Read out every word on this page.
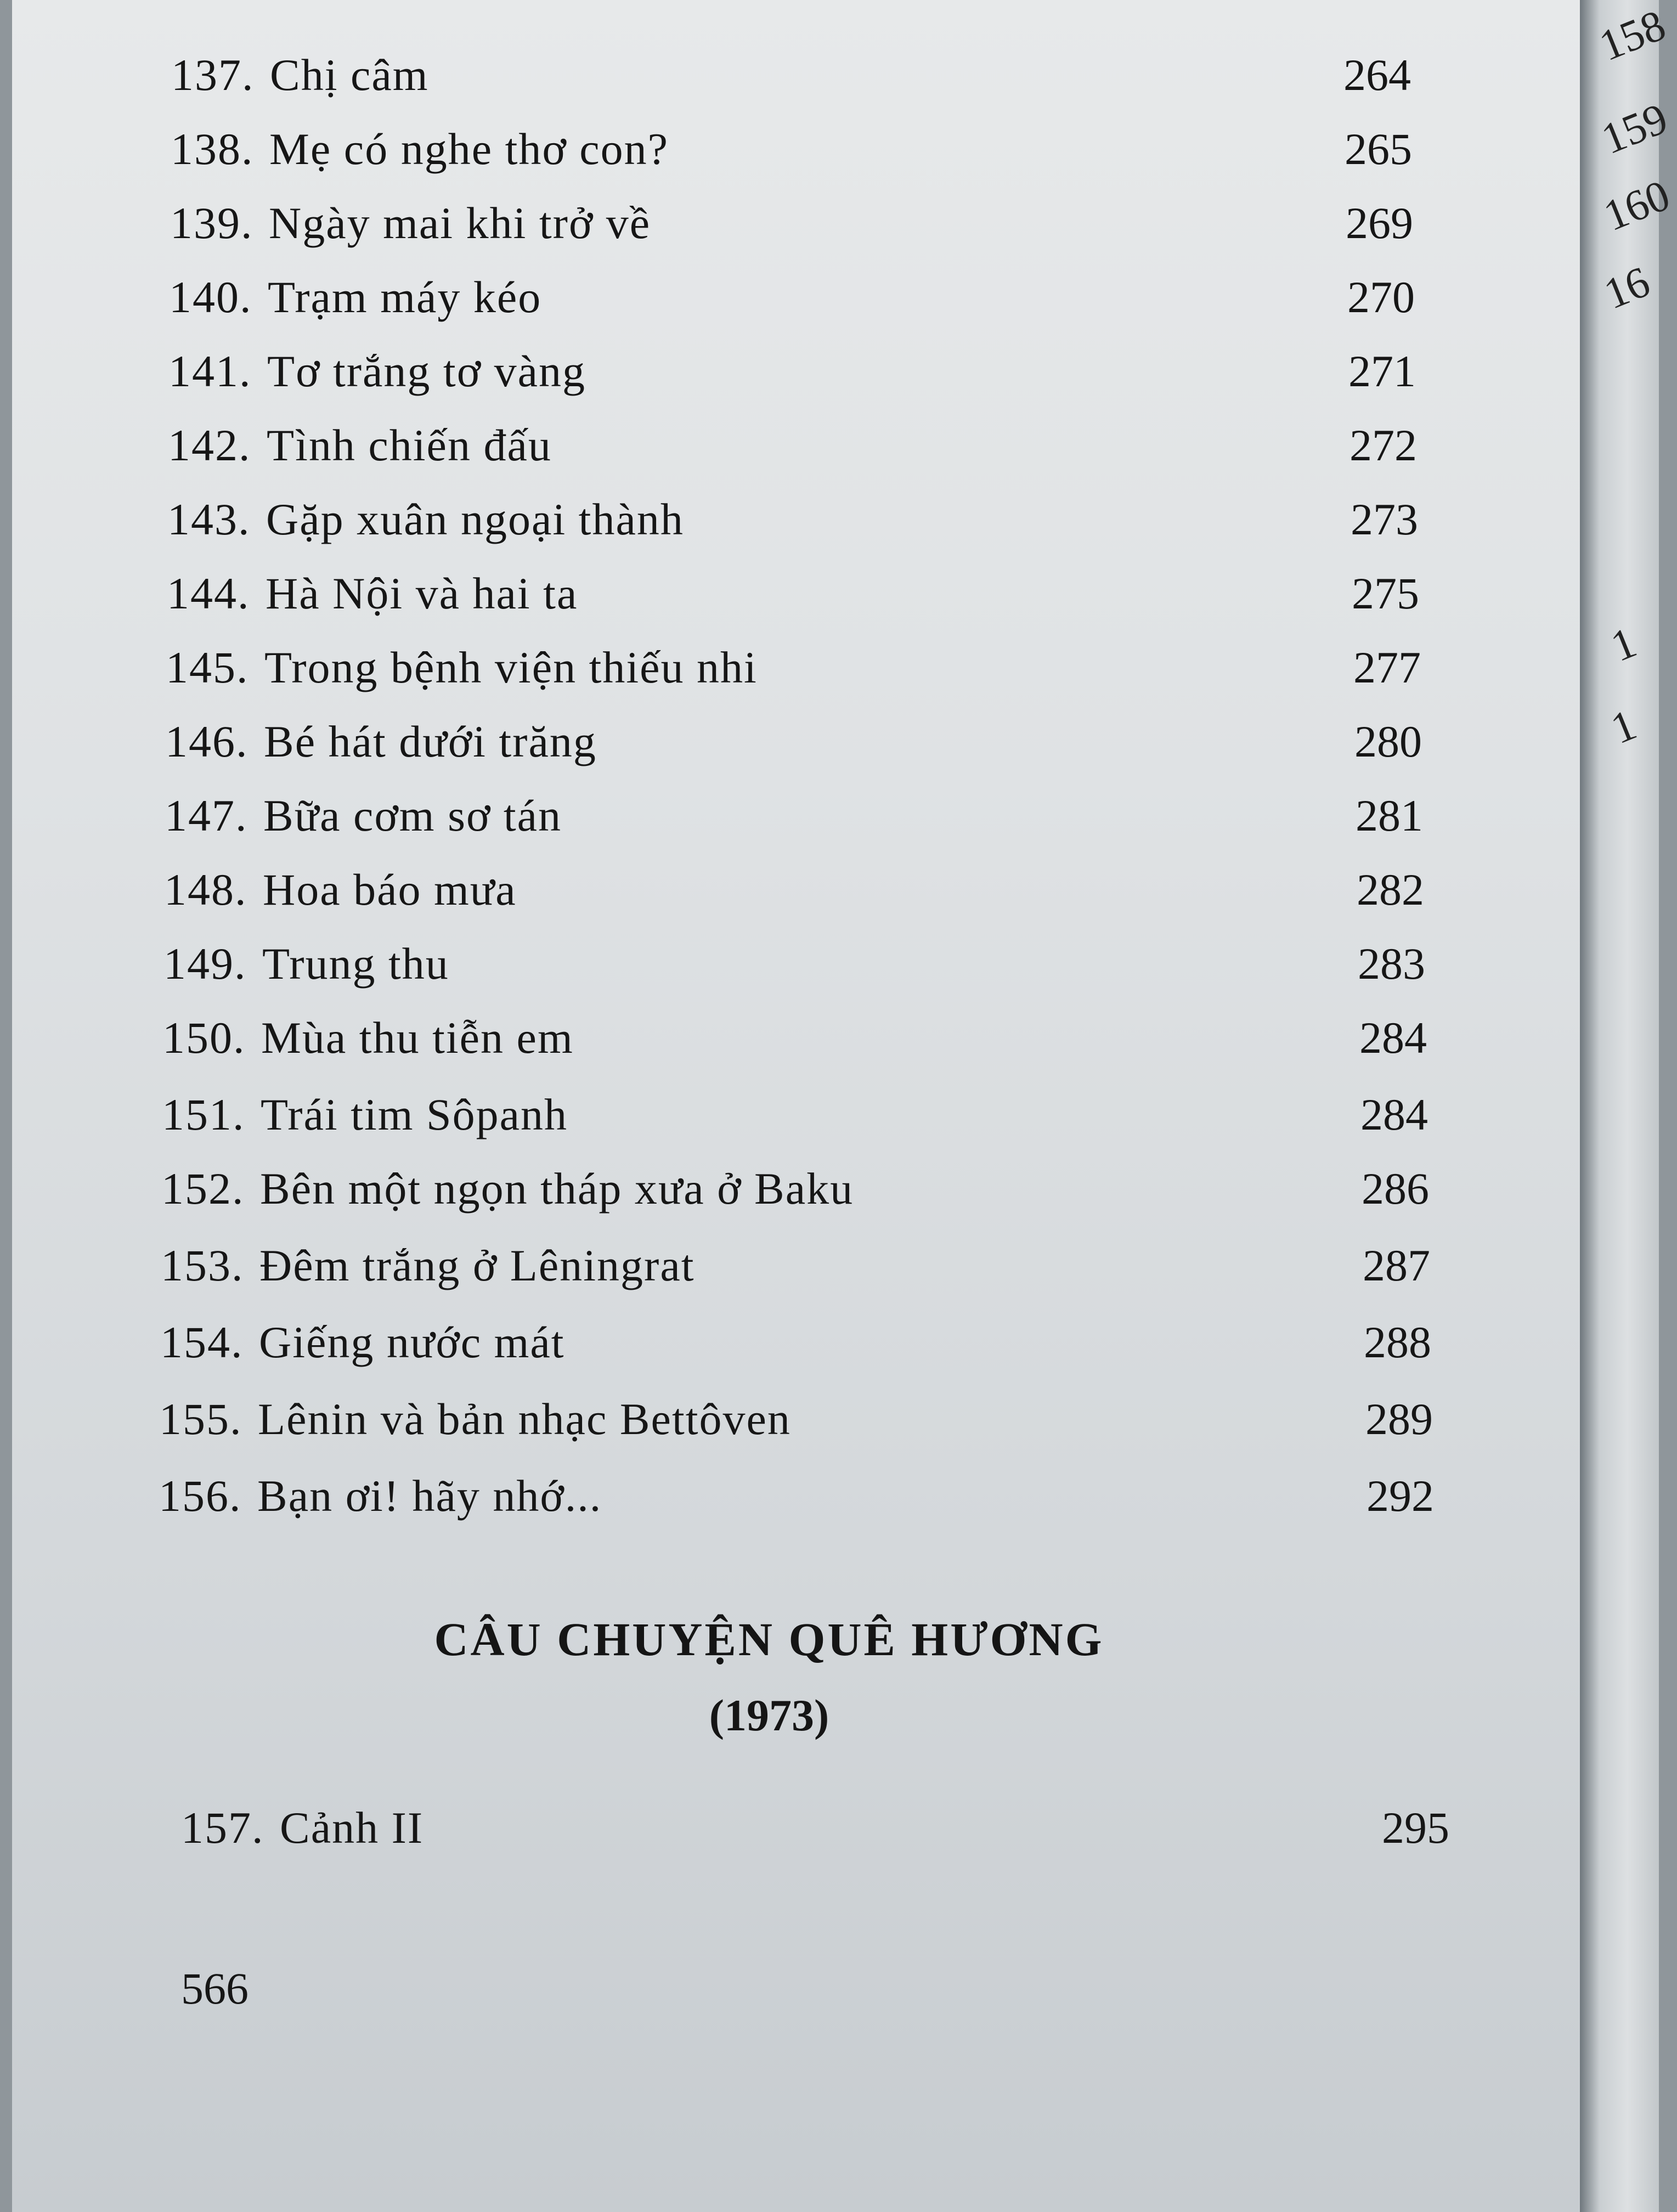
137. Chị câm	264
138. Mẹ có nghe thơ con?	265
139. Ngày mai khi trở về	269
140. Trạm máy kéo	270
141. Tơ trắng tơ vàng	271
142. Tình chiến đấu	272
143. Gặp xuân ngoại thành	273
144. Hà Nội và hai ta	275
145. Trong bệnh viện thiếu nhi	277
146. Bé hát dưới trăng	280
147. Bữa cơm sơ tán	281
148. Hoa báo mưa	282
149. Trung thu	283
150. Mùa thu tiễn em	284
151. Trái tim Sôpanh	284
152. Bên một ngọn tháp xưa ở Baku	286
153. Đêm trắng ở Lêningrat	287
154. Giếng nước mát	288
155. Lênin và bản nhạc Bettôven	289
156. Bạn ơi! hãy nhớ...	292
CÂU CHUYỆN QUÊ HƯƠNG
(1973)
157. Cảnh II	295
566
158
159
160
16
1
1
